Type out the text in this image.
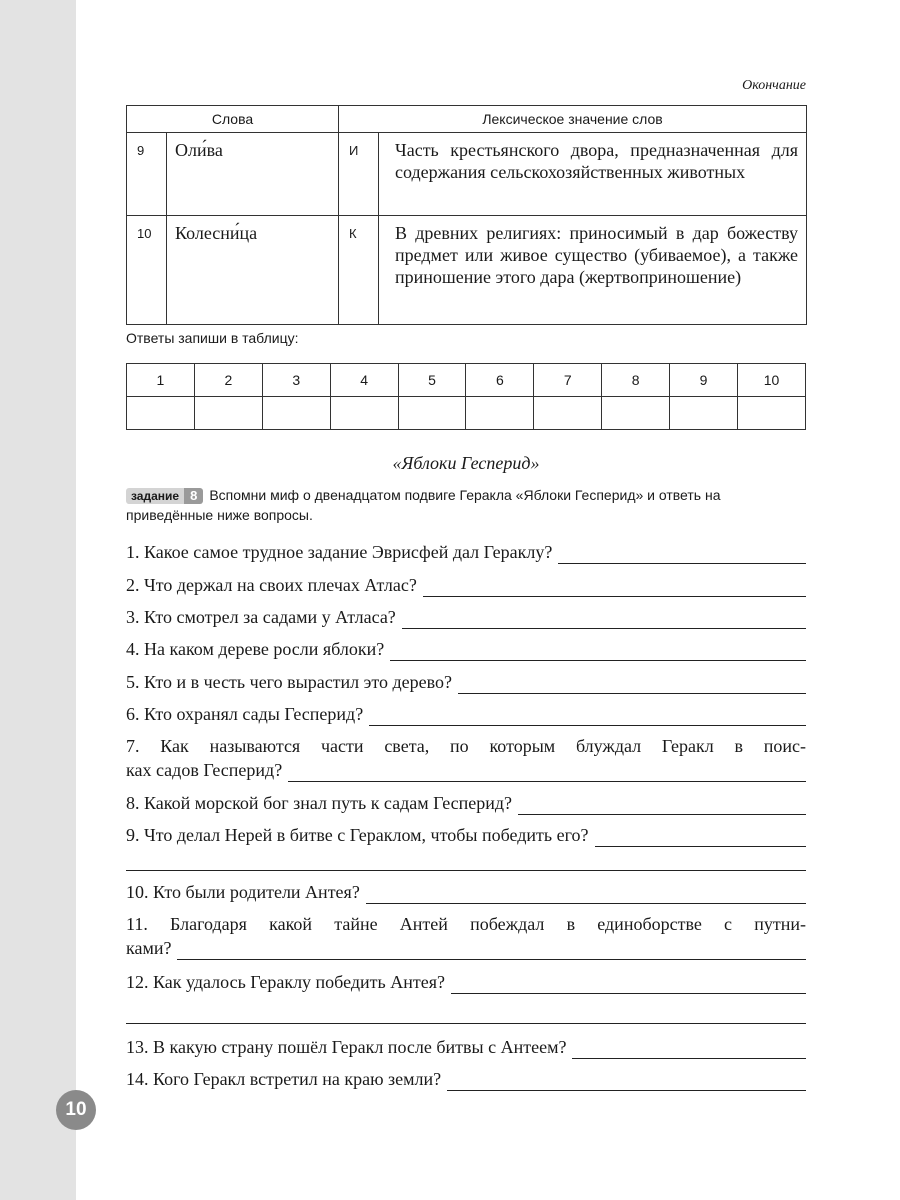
Окончание
Слова		Лексическое значение слов	
9	Оли́ва	И	Часть крестьянского двора, предназначенная для содержания сельскохозяйственных животных
10	Колесни́ца	К	В древних религиях: приносимый в дар божеству предмет или живое существо (убиваемое), а также приношение этого дара (жертвоприношение)
Ответы запиши в таблицу:
1	2	3	4	5	6	7	8	9	10

«Яблоки Гесперид»
задание 8 Вспомни миф о двенадцатом подвиге Геракла «Яблоки Гесперид» и ответь на приведённые ниже вопросы.
1. Какое самое трудное задание Эврисфей дал Гераклу?
2. Что держал на своих плечах Атлас?
3. Кто смотрел за садами у Атласа?
4. На каком дереве росли яблоки?
5. Кто и в честь чего вырастил это дерево?
6. Кто охранял сады Гесперид?
7. Как называются части света, по которым блуждал Геракл в поис-
ках садов Гесперид?
8. Какой морской бог знал путь к садам Гесперид?
9. Что делал Нерей в битве с Гераклом, чтобы победить его?
10. Кто были родители Антея?
11. Благодаря какой тайне Антей побеждал в единоборстве с путни-
ками?
12. Как удалось Гераклу победить Антея?
13. В какую страну пошёл Геракл после битвы с Антеем?
14. Кого Геракл встретил на краю земли?
10
